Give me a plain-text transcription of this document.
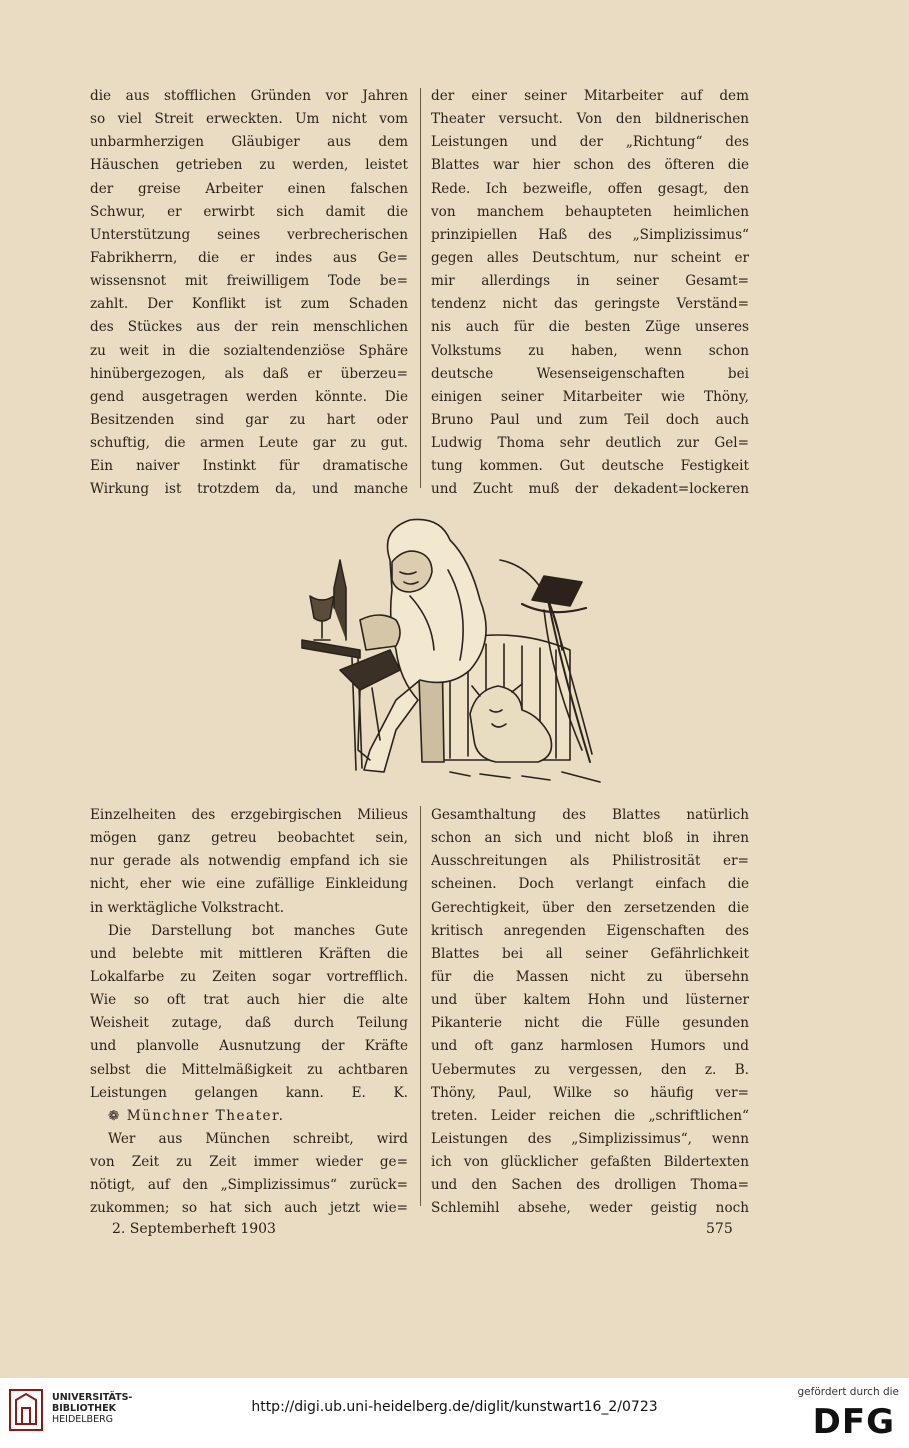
die aus stofflichen Gründen vor Jahren
so viel Streit erweckten. Um nicht vom
unbarmherzigen Gläubiger aus dem
Häuschen getrieben zu werden, leistet
der greise Arbeiter einen falschen
Schwur, er erwirbt sich damit die
Unterstützung seines verbrecherischen
Fabrikherrn, die er indes aus Ge=
wissensnot mit freiwilligem Tode be=
zahlt. Der Konflikt ist zum Schaden
des Stückes aus der rein menschlichen
zu weit in die sozialtendenziöse Sphäre
hinübergezogen, als daß er überzeu=
gend ausgetragen werden könnte. Die
Besitzenden sind gar zu hart oder
schuftig, die armen Leute gar zu gut.
Ein naiver Instinkt für dramatische
Wirkung ist trotzdem da, und manche
der einer seiner Mitarbeiter auf dem
Theater versucht. Von den bildnerischen
Leistungen und der „Richtung“ des
Blattes war hier schon des öfteren die
Rede. Ich bezweifle, offen gesagt, den
von manchem behaupteten heimlichen
prinzipiellen Haß des „Simplizissimus“
gegen alles Deutschtum, nur scheint er
mir allerdings in seiner Gesamt=
tendenz nicht das geringste Verständ=
nis auch für die besten Züge unseres
Volkstums zu haben, wenn schon
deutsche Wesenseigenschaften bei
einigen seiner Mitarbeiter wie Thöny,
Bruno Paul und zum Teil doch auch
Ludwig Thoma sehr deutlich zur Gel=
tung kommen. Gut deutsche Festigkeit
und Zucht muß der dekadent=lockeren
Einzelheiten des erzgebirgischen Milieus
mögen ganz getreu beobachtet sein,
nur gerade als notwendig empfand ich sie
nicht, eher wie eine zufällige Einkleidung
in werktägliche Volkstracht.
Die Darstellung bot manches Gute
und belebte mit mittleren Kräften die
Lokalfarbe zu Zeiten sogar vortrefflich.
Wie so oft trat auch hier die alte
Weisheit zutage, daß durch Teilung
und planvolle Ausnutzung der Kräfte
selbst die Mittelmäßigkeit zu achtbaren
Leistungen gelangen kann. E. K.
❁ Münchner Theater.
Wer aus München schreibt, wird
von Zeit zu Zeit immer wieder ge=
nötigt, auf den „Simplizissimus“ zurück=
zukommen; so hat sich auch jetzt wie=
Gesamthaltung des Blattes natürlich
schon an sich und nicht bloß in ihren
Ausschreitungen als Philistrosität er=
scheinen. Doch verlangt einfach die
Gerechtigkeit, über den zersetzenden die
kritisch anregenden Eigenschaften des
Blattes bei all seiner Gefährlichkeit
für die Massen nicht zu übersehn
und über kaltem Hohn und lüsterner
Pikanterie nicht die Fülle gesunden
und oft ganz harmlosen Humors und
Uebermutes zu vergessen, den z. B.
Thöny, Paul, Wilke so häufig ver=
treten. Leider reichen die „schriftlichen“
Leistungen des „Simplizissimus“, wenn
ich von glücklicher gefaßten Bildertexten
und den Sachen des drolligen Thoma=
Schlemihl absehe, weder geistig noch
2. Septemberheft 1903	575
UNIVERSITÄTS-
BIBLIOTHEK
HEIDELBERG
http://digi.ub.uni-heidelberg.de/diglit/kunstwart16_2/0723
gefördert durch die
DFG
